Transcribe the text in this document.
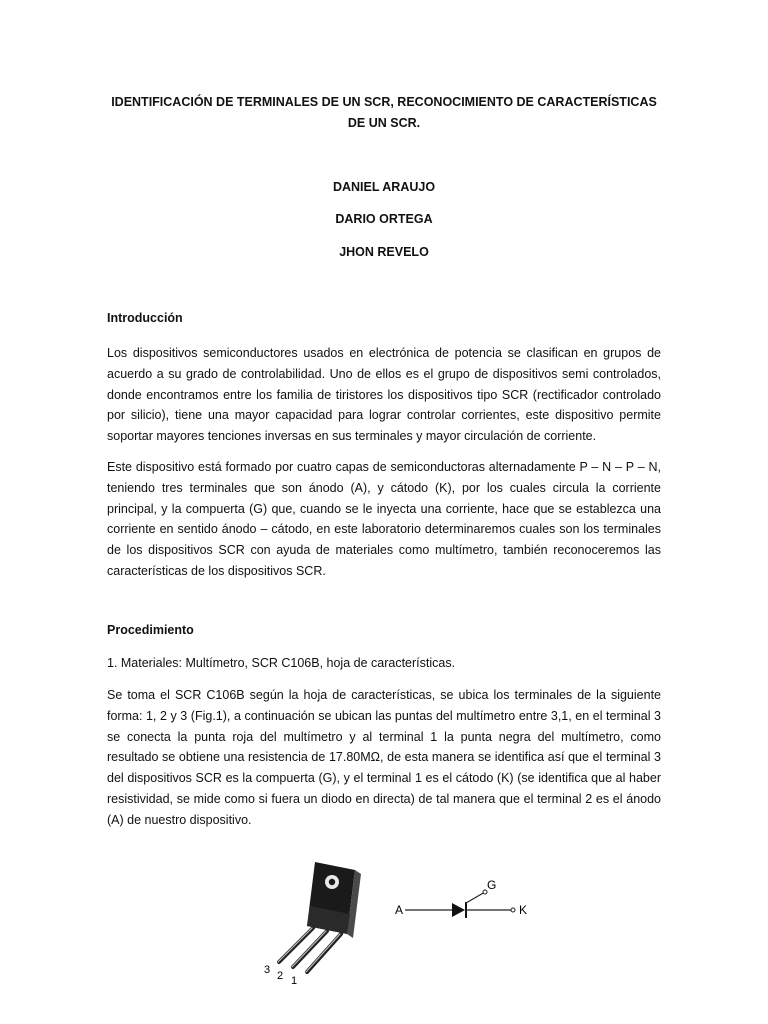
IDENTIFICACIÓN DE TERMINALES DE UN SCR, RECONOCIMIENTO DE CARACTERÍSTICAS DE UN SCR.
DANIEL ARAUJO
DARIO ORTEGA
JHON REVELO
Introducción
Los dispositivos semiconductores usados en electrónica de potencia se clasifican en grupos de acuerdo a su grado de controlabilidad. Uno de ellos es el grupo de dispositivos semi controlados, donde encontramos entre los familia de tiristores los dispositivos tipo SCR (rectificador controlado por silicio), tiene una mayor capacidad para lograr controlar corrientes, este dispositivo permite soportar mayores tenciones inversas en sus terminales y mayor circulación de corriente.
Este dispositivo está formado por cuatro capas de semiconductoras alternadamente P – N – P – N, teniendo tres terminales que son ánodo (A), y cátodo (K), por los cuales circula la corriente principal, y la compuerta (G) que, cuando se le inyecta una corriente, hace que se establezca una corriente en sentido ánodo – cátodo, en este laboratorio determinaremos cuales son los terminales de los dispositivos SCR con ayuda de materiales como multímetro, también reconoceremos las características de los dispositivos SCR.
Procedimiento
1. Materiales: Multímetro, SCR C106B, hoja de características.
Se toma el SCR C106B según la hoja de características, se ubica los terminales de la siguiente forma: 1, 2 y 3 (Fig.1), a continuación se ubican las puntas del multímetro entre 3,1, en el terminal 3 se conecta la punta roja del multímetro y al terminal 1 la punta negra del multímetro, como resultado se obtiene una resistencia de 17.80MΩ, de esta manera se identifica así que el terminal 3 del dispositivos SCR es la compuerta (G), y el terminal 1 es el cátodo (K) (se identifica que al haber resistividad, se mide como si fuera un diodo en directa) de tal manera que el terminal 2 es el ánodo (A) de nuestro dispositivo.
3 2 1
A
G
K
